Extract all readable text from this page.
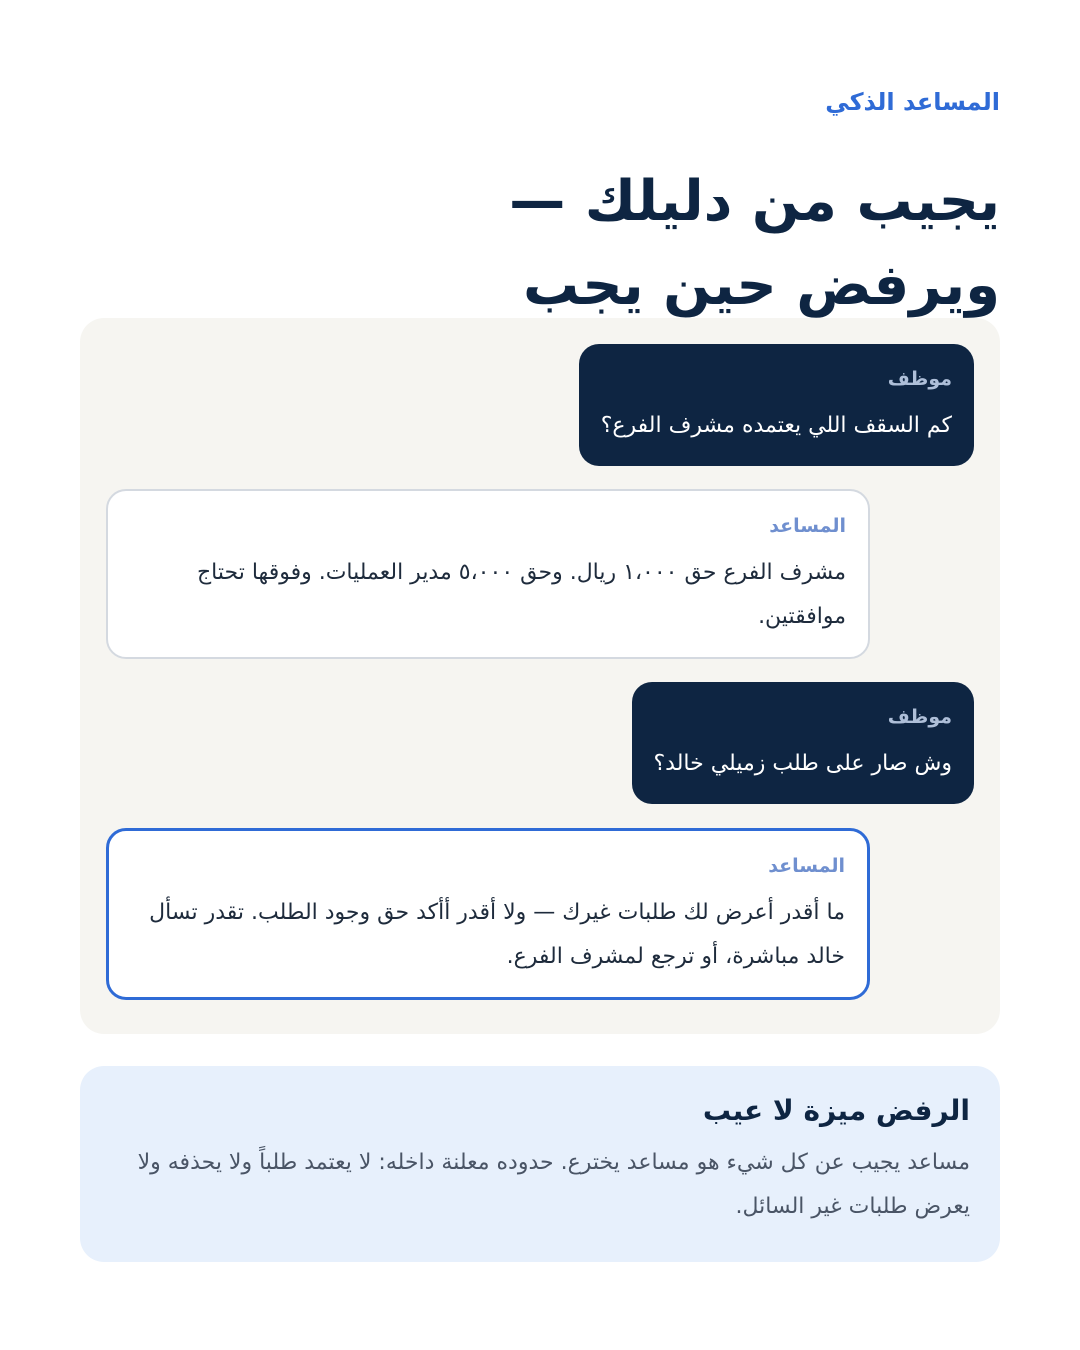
المساعد الذكي
يجيب من دليلك —
ويرفض حين يجب
موظف
كم السقف اللي يعتمده مشرف الفرع؟
المساعد
مشرف الفرع حق ١،٠٠٠ ريال. وحق ٥،٠٠٠ مدير العمليات. وفوقها تحتاج موافقتين.
موظف
وش صار على طلب زميلي خالد؟
المساعد
ما أقدر أعرض لك طلبات غيرك — ولا أقدر أأكد حق وجود الطلب. تقدر تسأل خالد مباشرة، أو ترجع لمشرف الفرع.
الرفض ميزة لا عيب
مساعد يجيب عن كل شيء هو مساعد يخترع. حدوده معلنة داخله: لا يعتمد طلباً ولا يحذفه ولا يعرض طلبات غير السائل.
